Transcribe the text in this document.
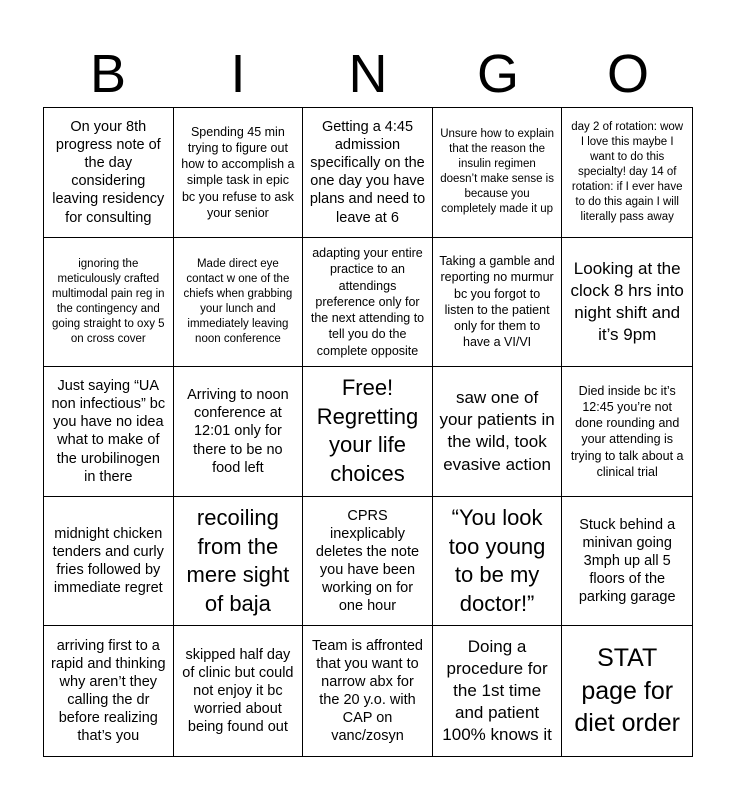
B	I	N	G	O
On your 8th progress note of the day considering leaving residency for consulting
Spending 45 min trying to figure out how to accomplish a simple task in epic bc you refuse to ask your senior
Getting a 4:45 admission specifically on the one day you have plans and need to leave at 6
Unsure how to explain that the reason the insulin regimen doesn’t make sense is because you completely made it up
day 2 of rotation: wow I love this maybe I want to do this specialty! day 14 of rotation: if I ever have to do this again I will literally pass away
ignoring the meticulously crafted multimodal pain reg in the contingency and going straight to oxy 5 on cross cover
Made direct eye contact w one of the chiefs when grabbing your lunch and immediately leaving noon conference
adapting your entire practice to an attendings preference only for the next attending to tell you do the complete opposite
Taking a gamble and reporting no murmur bc you forgot to listen to the patient only for them to have a VI/VI
Looking at the clock 8 hrs into night shift and it’s 9pm
Just saying “UA non infectious” bc you have no idea what to make of the urobilinogen in there
Arriving to noon conference at 12:01 only for there to be no food left
Free! Regretting your life choices
saw one of your patients in the wild, took evasive action
Died inside bc it’s 12:45 you’re not done rounding and your attending is trying to talk about a clinical trial
midnight chicken tenders and curly fries followed by immediate regret
recoiling from the mere sight of baja
CPRS inexplicably deletes the note you have been working on for one hour
“You look too young to be my doctor!”
Stuck behind a minivan going 3mph up all 5 floors of the parking garage
arriving first to a rapid and thinking why aren’t they calling the dr before realizing that’s you
skipped half day of clinic but could not enjoy it bc worried about being found out
Team is affronted that you want to narrow abx for the 20 y.o. with CAP on vanc/zosyn
Doing a procedure for the 1st time and patient 100% knows it
STAT page for diet order
